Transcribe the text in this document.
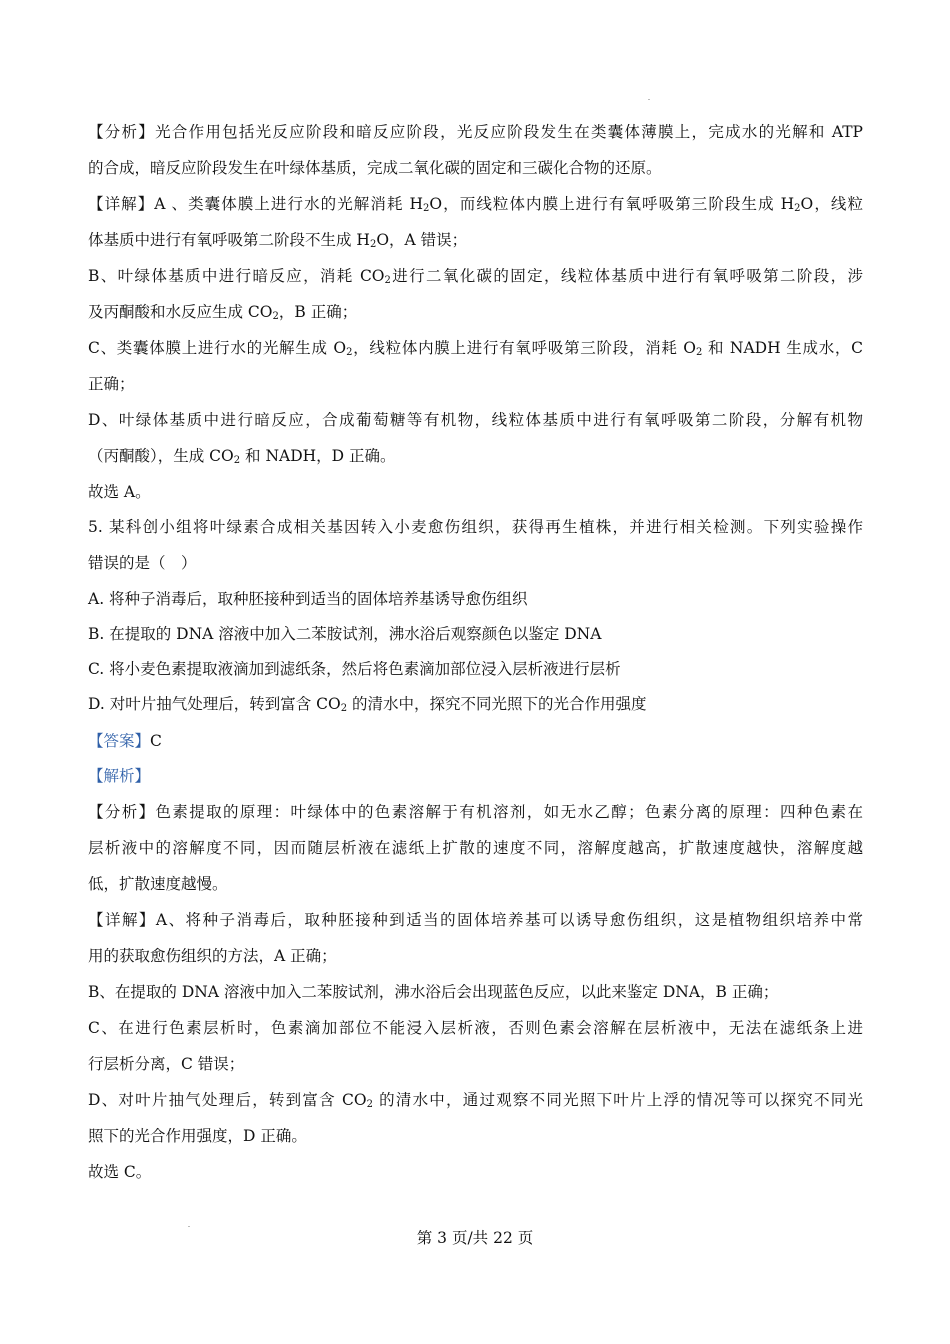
【分析】光合作用包括光反应阶段和暗反应阶段，光反应阶段发生在类囊体薄膜上，完成水的光解和 ATP
的合成，暗反应阶段发生在叶绿体基质，完成二氧化碳的固定和三碳化合物的还原。
【详解】A 、类囊体膜上进行水的光解消耗 $H_2O$，而线粒体内膜上进行有氧呼吸第三阶段生成 $H_2O$，线粒
体基质中进行有氧呼吸第二阶段不生成 $H_2O$，A 错误；
B、叶绿体基质中进行暗反应，消耗 $CO_2$进行二氧化碳的固定，线粒体基质中进行有氧呼吸第二阶段，涉
及丙酮酸和水反应生成 $CO_2$，B 正确；
C、类囊体膜上进行水的光解生成 $O_2$，线粒体内膜上进行有氧呼吸第三阶段，消耗 $O_2$ 和 NADH 生成水，C
正确；
D、叶绿体基质中进行暗反应，合成葡萄糖等有机物，线粒体基质中进行有氧呼吸第二阶段，分解有机物
（丙酮酸），生成 $CO_2$ 和 NADH，D 正确。
故选 A。
5. 某科创小组将叶绿素合成相关基因转入小麦愈伤组织，获得再生植株，并进行相关检测。下列实验操作
错误的是（　）
A. 将种子消毒后，取种胚接种到适当的固体培养基诱导愈伤组织
B. 在提取的 DNA 溶液中加入二苯胺试剂，沸水浴后观察颜色以鉴定 DNA
C. 将小麦色素提取液滴加到滤纸条，然后将色素滴加部位浸入层析液进行层析
D. 对叶片抽气处理后，转到富含 $CO_2$ 的清水中，探究不同光照下的光合作用强度
【答案】C
【解析】
【分析】色素提取的原理：叶绿体中的色素溶解于有机溶剂，如无水乙醇；色素分离的原理：四种色素在
层析液中的溶解度不同，因而随层析液在滤纸上扩散的速度不同，溶解度越高，扩散速度越快，溶解度越
低，扩散速度越慢。
【详解】A、将种子消毒后，取种胚接种到适当的固体培养基可以诱导愈伤组织，这是植物组织培养中常
用的获取愈伤组织的方法，A 正确；
B、在提取的 DNA 溶液中加入二苯胺试剂，沸水浴后会出现蓝色反应，以此来鉴定 DNA，B 正确；
C、在进行色素层析时，色素滴加部位不能浸入层析液，否则色素会溶解在层析液中，无法在滤纸条上进
行层析分离，C 错误；
D、对叶片抽气处理后，转到富含 $CO_2$ 的清水中，通过观察不同光照下叶片上浮的情况等可以探究不同光
照下的光合作用强度，D 正确。
故选 C。
第 3 页/共 22 页
